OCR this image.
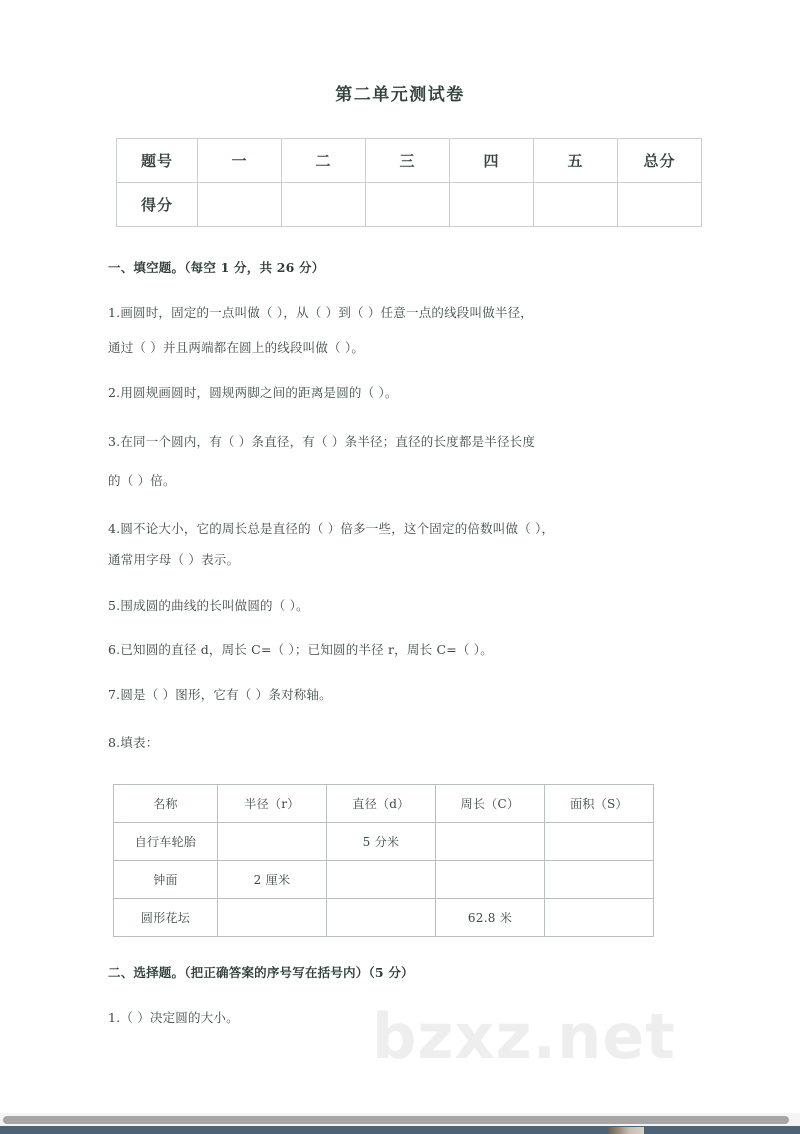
bzxz.net
第二单元测试卷
题号	一	二	三	四	五	总分
得分						
一、填空题。（每空 1 分，共 26 分）
1.画圆时，固定的一点叫做（ ），从（ ）到（ ）任意一点的线段叫做半径，
通过（ ）并且两端都在圆上的线段叫做（ ）。
2.用圆规画圆时，圆规两脚之间的距离是圆的（ ）。
3.在同一个圆内，有（ ）条直径，有（ ）条半径；直径的长度都是半径长度
的（ ）倍。
4.圆不论大小，它的周长总是直径的（ ）倍多一些，这个固定的倍数叫做（ ），
通常用字母（ ）表示。
5.围成圆的曲线的长叫做圆的（ ）。
6.已知圆的直径 d，周长 C=（ ）；已知圆的半径 r，周长 C=（ ）。
7.圆是（ ）图形，它有（ ）条对称轴。
8.填表：
名称	半径（r）	直径（d）	周长（C）	面积（S）
自行车轮胎		5 分米		
钟面	2 厘米			
圆形花坛			62.8 米	
二、选择题。（把正确答案的序号写在括号内）（5 分）
1.（ ）决定圆的大小。
